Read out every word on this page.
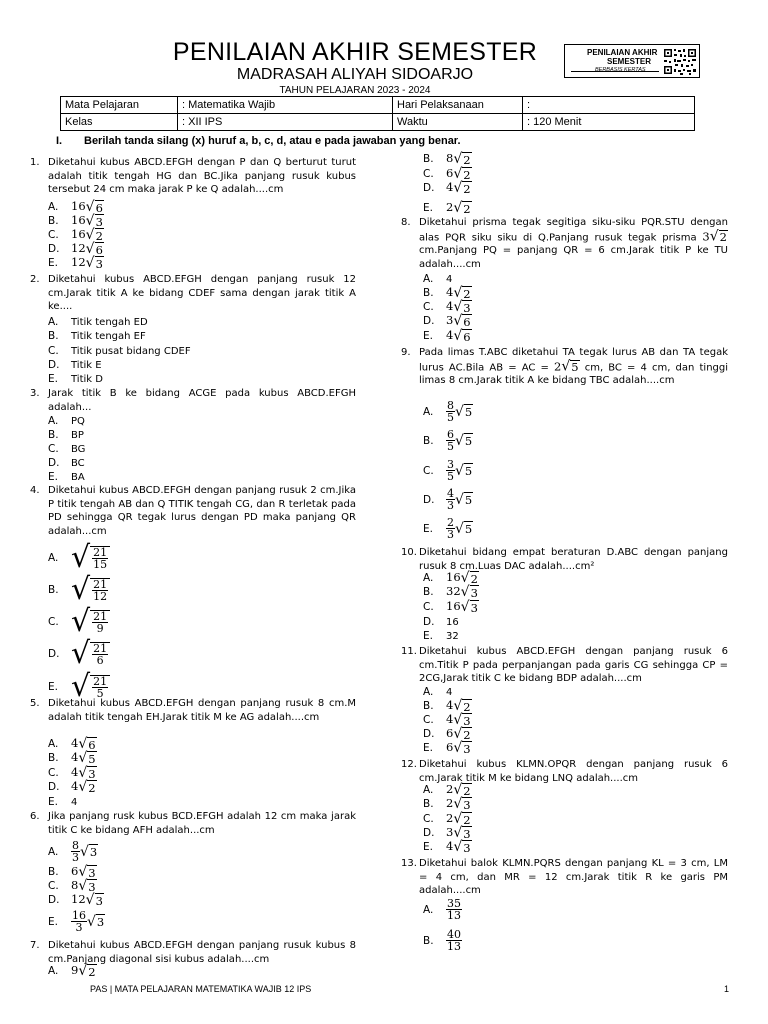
PENILAIAN AKHIR SEMESTER
MADRASAH ALIYAH SIDOARJO
TAHUN PELAJARAN 2023 - 2024
PENILAIAN AKHIR
SEMESTER
BERBASIS KERTAS
Mata Pelajaran	: Matematika Wajib	Hari Pelaksanaan	:
Kelas	: XII IPS	Waktu	: 120 Menit
I. Berilah tanda silang (x) huruf a, b, c, d, atau e pada jawaban yang benar.
1. Diketahui kubus ABCD.EFGH dengan P dan Q berturut turut adalah titik tengah HG dan BC.Jika panjang rusuk kubus tersebut 24 cm maka jarak P ke Q adalah....cm
A. 16√6
B. 16√3
C. 16√2
D. 12√6
E. 12√3
2. Diketahui kubus ABCD.EFGH dengan panjang rusuk 12 cm.Jarak titik A ke bidang CDEF sama dengan jarak titik A ke....
A. Titik tengah ED
B. Titik tengah EF
C. Titik pusat bidang CDEF
D. Titik E
E. Titik D
3. Jarak titik B ke bidang ACGE pada kubus ABCD.EFGH adalah...
A. PQ
B. BP
C. BG
D. BC
E. BA
4. Diketahui kubus ABCD.EFGH dengan panjang rusuk 2 cm.Jika P titik tengah AB dan Q TITIK tengah CG, dan R terletak pada PD sehingga QR tegak lurus dengan PD maka panjang QR adalah...cm
A. √ $\frac{21}{15}$
B. √ $\frac{21}{12}$
C. √ $\frac{21}{9}$
D. √ $\frac{21}{6}$
E. √ $\frac{21}{5}$
5. Diketahui kubus ABCD.EFGH dengan panjang rusuk 8 cm.M adalah titik tengah EH.Jarak titik M ke AG adalah....cm
A. 4√6
B. 4√5
C. 4√3
D. 4√2
E. 4
6. Jika panjang rusk kubus BCD.EFGH adalah 12 cm maka jarak titik C ke bidang AFH adalah...cm
A. $\frac{8}{3} √3$
B. 6√3
C. 8√3
D. 12√3
E. $\frac{16}{3} √3$
7. Diketahui kubus ABCD.EFGH dengan panjang rusuk kubus 8 cm.Panjang diagonal sisi kubus adalah....cm
A. 9√2
B. 8√2
C. 6√2
D. 4√2
E. 2√2
8. Diketahui prisma tegak segitiga siku-siku PQR.STU dengan alas PQR siku siku di Q.Panjang rusuk tegak prisma 3√2 cm.Panjang PQ = panjang QR = 6 cm.Jarak titik P ke TU adalah....cm
A. 4
B. 4√2
C. 4√3
D. 3√6
E. 4√6
9. Pada limas T.ABC diketahui TA tegak lurus AB dan TA tegak lurus AC.Bila AB = AC = 2√5 cm, BC = 4 cm, dan tinggi limas 8 cm.Jarak titik A ke bidang TBC adalah....cm
A. $\frac{8}{5} √5$
B. $\frac{6}{5} √5$
C. $\frac{3}{5} √5$
D. $\frac{4}{3} √5$
E. $\frac{2}{3} √5$
10. Diketahui bidang empat beraturan D.ABC dengan panjang rusuk 8 cm.Luas DAC adalah....cm²
A. 16√2
B. 32√3
C. 16√3
D. 16
E. 32
11. Diketahui kubus ABCD.EFGH dengan panjang rusuk 6 cm.Titik P pada perpanjangan pada garis CG sehingga CP = 2CG,Jarak titik C ke bidang BDP adalah....cm
A. 4
B. 4√2
C. 4√3
D. 6√2
E. 6√3
12. Diketahui kubus KLMN.OPQR dengan panjang rusuk 6 cm.Jarak titik M ke bidang LNQ adalah....cm
A. 2√2
B. 2√3
C. 2√2
D. 3√3
E. 4√3
13. Diketahui balok KLMN.PQRS dengan panjang KL = 3 cm, LM = 4 cm, dan MR = 12 cm.Jarak titik R ke garis PM adalah....cm
A. $\frac{35}{13}$
B. $\frac{40}{13}$
PAS | MATA PELAJARAN MATEMATIKA WAJIB 12 IPS	1
